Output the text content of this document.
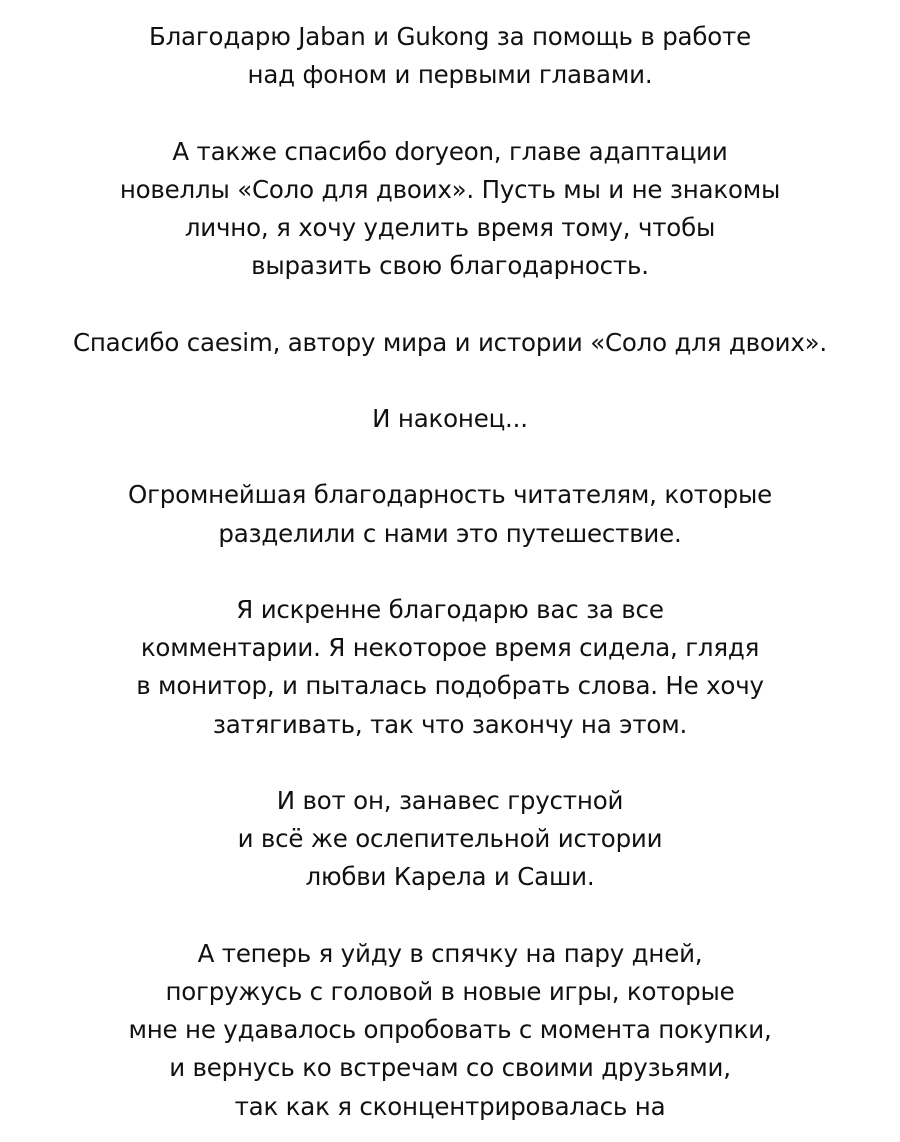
Благодарю Jaban и Gukong за помощь в работе
над фоном и первыми главами.

А также спасибо doryeon, главе адаптации
новеллы «Соло для двоих». Пусть мы и не знакомы
лично, я хочу уделить время тому, чтобы
выразить свою благодарность.

Спасибо caesim, автору мира и истории «Соло для двоих».

И наконец...

Огромнейшая благодарность читателям, которые
разделили с нами это путешествие.

Я искренне благодарю вас за все
комментарии. Я некоторое время сидела, глядя
в монитор, и пыталась подобрать слова. Не хочу
затягивать, так что закончу на этом.

И вот он, занавес грустной
и всё же ослепительной истории
любви Карела и Саши.

А теперь я уйду в спячку на пару дней,
погружусь с головой в новые игры, которые
мне не удавалось опробовать с момента покупки,
и вернусь ко встречам со своими друзьями,
так как я сконцентрировалась на
